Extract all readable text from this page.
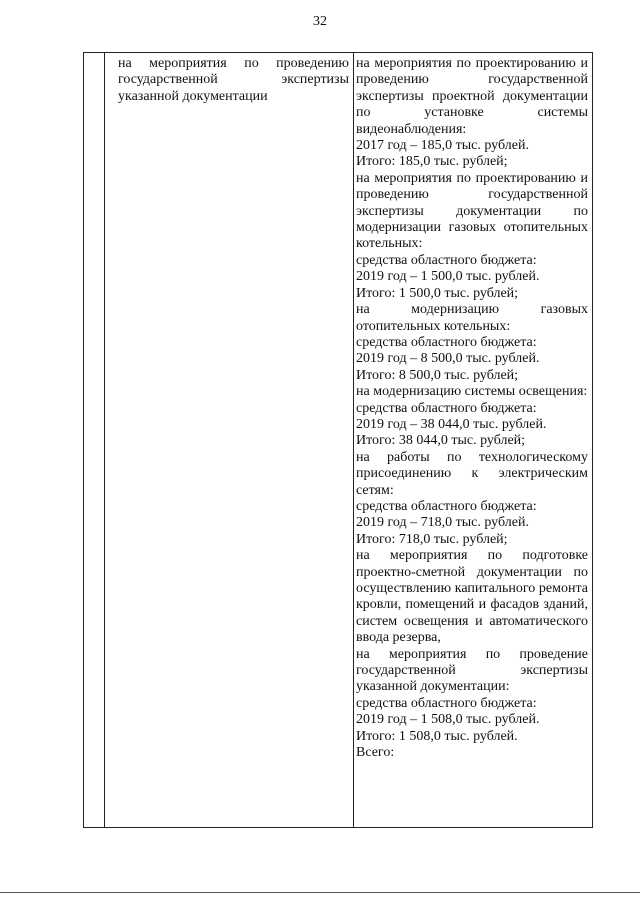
32

на мероприятия по проведению государственной экспертизы указанной документации

на мероприятия по проектированию и проведению государственной экспертизы проектной документации по установке системы видеонаблюдения:

2017 год – 185,0 тыс. рублей.

Итого: 185,0 тыс. рублей;

на мероприятия по проектированию и проведению государственной экспертизы документации по модернизации газовых отопительных котельных:

средства областного бюджета:

2019 год – 1 500,0 тыс. рублей.

Итого: 1 500,0 тыс. рублей;

на модернизацию газовых отопительных котельных:

средства областного бюджета:

2019 год – 8 500,0 тыс. рублей.

Итого: 8 500,0 тыс. рублей;

на модернизацию системы освещения:

средства областного бюджета:

2019 год – 38 044,0 тыс. рублей.

Итого: 38 044,0 тыс. рублей;

на работы по технологическому присоединению к электрическим сетям:

средства областного бюджета:

2019 год – 718,0 тыс. рублей.

Итого: 718,0 тыс. рублей;

на мероприятия по подготовке проектно-сметной документации по осуществлению капитального ремонта кровли, помещений и фасадов зданий, систем освещения и автоматического ввода резерва,

на мероприятия по проведение государственной экспертизы указанной документации:

средства областного бюджета:

2019 год – 1 508,0 тыс. рублей.

Итого: 1 508,0 тыс. рублей.

Всего:
